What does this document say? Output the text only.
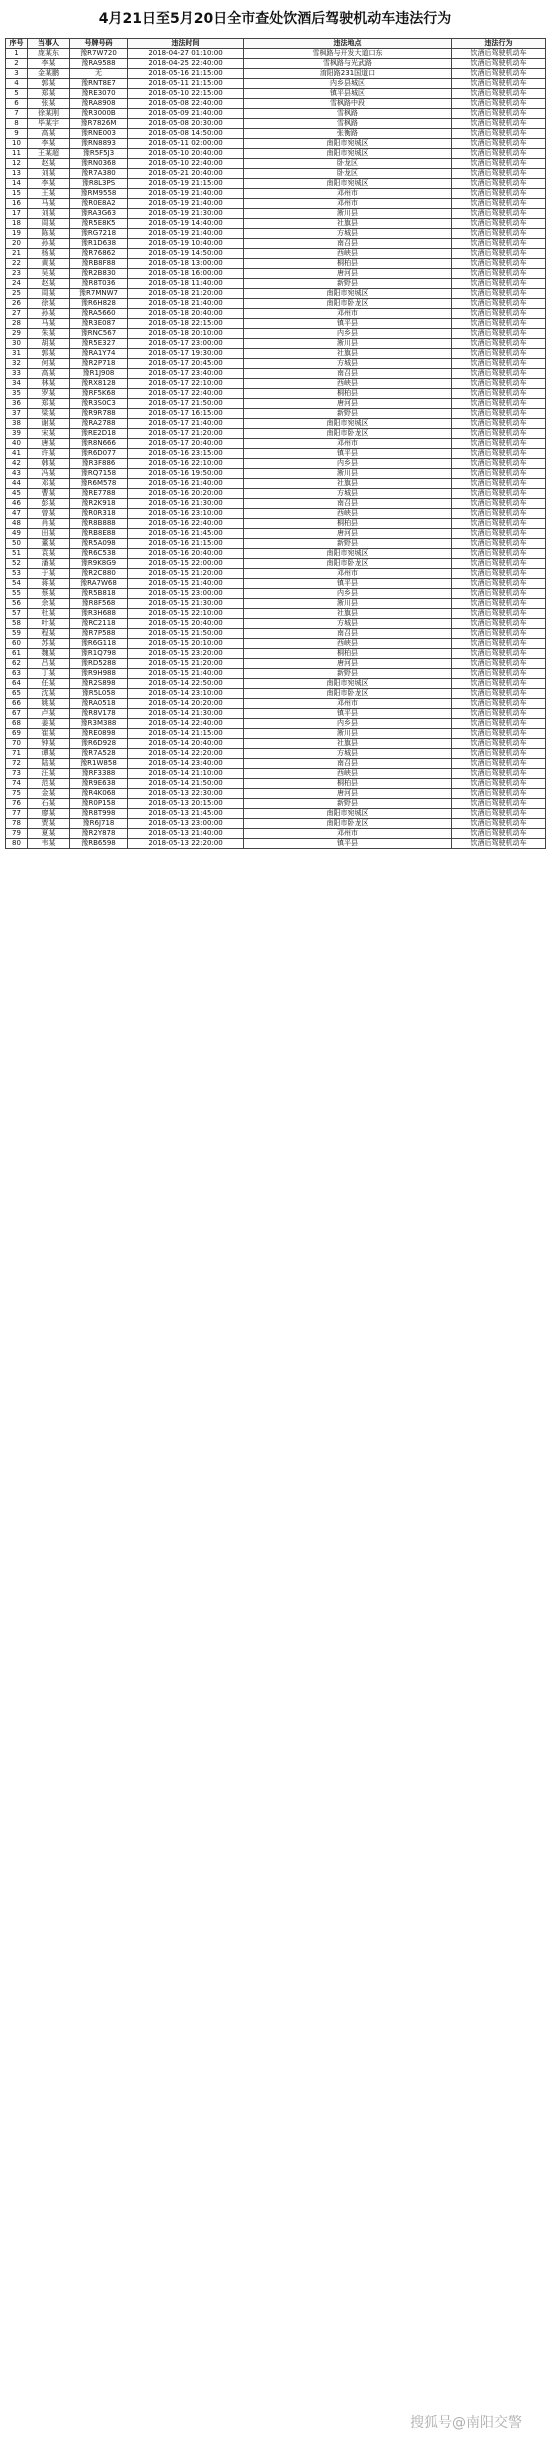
4月21日至5月20日全市查处饮酒后驾驶机动车违法行为
序号	当事人	号牌号码	违法时间	违法地点	违法行为
1	庞某东	豫R7W720	2018-04-27 01:10:00	雪枫路与开发大道口东	饮酒后驾驶机动车
2	李某	豫RA9588	2018-04-25 22:40:00	雪枫路与光武路	饮酒后驾驶机动车
3	金某鹏	无	2018-05-16 21:15:00	淯阳路231国道口	饮酒后驾驶机动车
4	郭某	豫RNT8E7	2018-05-11 21:15:00	内乡县城区	饮酒后驾驶机动车
5	郑某	豫RE3070	2018-05-10 22:15:00	镇平县城区	饮酒后驾驶机动车
6	张某	豫RA8908	2018-05-08 22:40:00	雪枫路中段	饮酒后驾驶机动车
7	徐某刚	豫R3000B	2018-05-09 21:40:00	雪枫路	饮酒后驾驶机动车
8	毕某宇	豫R7826M	2018-05-08 20:30:00	雪枫路	饮酒后驾驶机动车
9	高某	豫RNE003	2018-05-08 14:50:00	张衡路	饮酒后驾驶机动车
10	李某	豫RN8893	2018-05-11 02:00:00	南阳市宛城区	饮酒后驾驶机动车
11	王某超	豫R5F5J3	2018-05-10 20:40:00	南阳市宛城区	饮酒后驾驶机动车
12	赵某	豫RN0368	2018-05-10 22:40:00	卧龙区	饮酒后驾驶机动车
13	刘某	豫R7A380	2018-05-21 20:40:00	卧龙区	饮酒后驾驶机动车
14	李某	豫R8L3PS	2018-05-19 21:15:00	南阳市宛城区	饮酒后驾驶机动车
15	王某	豫RM9558	2018-05-19 21:40:00	邓州市	饮酒后驾驶机动车
16	马某	豫R0E8A2	2018-05-19 21:40:00	邓州市	饮酒后驾驶机动车
17	刘某	豫RA3G63	2018-05-19 21:30:00	淅川县	饮酒后驾驶机动车
18	周某	豫R5E8K5	2018-05-19 14:40:00	社旗县	饮酒后驾驶机动车
19	陈某	豫RG7218	2018-05-19 21:40:00	方城县	饮酒后驾驶机动车
20	孙某	豫R1D638	2018-05-19 10:40:00	南召县	饮酒后驾驶机动车
21	杨某	豫R76862	2018-05-19 14:50:00	西峡县	饮酒后驾驶机动车
22	黄某	豫RB8F88	2018-05-18 13:00:00	桐柏县	饮酒后驾驶机动车
23	吴某	豫R2B830	2018-05-18 16:00:00	唐河县	饮酒后驾驶机动车
24	赵某	豫R8T036	2018-05-18 11:40:00	新野县	饮酒后驾驶机动车
25	周某	豫R7MNW7	2018-05-18 21:20:00	南阳市宛城区	饮酒后驾驶机动车
26	徐某	豫R6H828	2018-05-18 21:40:00	南阳市卧龙区	饮酒后驾驶机动车
27	孙某	豫RA5660	2018-05-18 20:40:00	邓州市	饮酒后驾驶机动车
28	马某	豫R3E087	2018-05-18 22:15:00	镇平县	饮酒后驾驶机动车
29	朱某	豫RNC567	2018-05-18 20:10:00	内乡县	饮酒后驾驶机动车
30	胡某	豫R5E327	2018-05-17 23:00:00	淅川县	饮酒后驾驶机动车
31	郭某	豫RA1Y74	2018-05-17 19:30:00	社旗县	饮酒后驾驶机动车
32	何某	豫R2P718	2018-05-17 20:45:00	方城县	饮酒后驾驶机动车
33	高某	豫R1J908	2018-05-17 23:40:00	南召县	饮酒后驾驶机动车
34	林某	豫RX8128	2018-05-17 22:10:00	西峡县	饮酒后驾驶机动车
35	罗某	豫RF5K68	2018-05-17 22:40:00	桐柏县	饮酒后驾驶机动车
36	郑某	豫R3S0C3	2018-05-17 21:50:00	唐河县	饮酒后驾驶机动车
37	梁某	豫R9R788	2018-05-17 16:15:00	新野县	饮酒后驾驶机动车
38	谢某	豫RA2788	2018-05-17 21:40:00	南阳市宛城区	饮酒后驾驶机动车
39	宋某	豫RE2D18	2018-05-17 21:20:00	南阳市卧龙区	饮酒后驾驶机动车
40	唐某	豫R8N666	2018-05-17 20:40:00	邓州市	饮酒后驾驶机动车
41	许某	豫R6D077	2018-05-16 23:15:00	镇平县	饮酒后驾驶机动车
42	韩某	豫R3F886	2018-05-16 22:10:00	内乡县	饮酒后驾驶机动车
43	冯某	豫RQ7158	2018-05-16 19:50:00	淅川县	饮酒后驾驶机动车
44	邓某	豫R6M578	2018-05-16 21:40:00	社旗县	饮酒后驾驶机动车
45	曹某	豫RE7788	2018-05-16 20:20:00	方城县	饮酒后驾驶机动车
46	彭某	豫R2K918	2018-05-16 21:30:00	南召县	饮酒后驾驶机动车
47	曾某	豫R0R318	2018-05-16 23:10:00	西峡县	饮酒后驾驶机动车
48	肖某	豫R8B888	2018-05-16 22:40:00	桐柏县	饮酒后驾驶机动车
49	田某	豫RB8E88	2018-05-16 21:45:00	唐河县	饮酒后驾驶机动车
50	董某	豫R5A098	2018-05-16 21:15:00	新野县	饮酒后驾驶机动车
51	袁某	豫R6C538	2018-05-16 20:40:00	南阳市宛城区	饮酒后驾驶机动车
52	潘某	豫R9K8G9	2018-05-15 22:00:00	南阳市卧龙区	饮酒后驾驶机动车
53	于某	豫R2C880	2018-05-15 21:20:00	邓州市	饮酒后驾驶机动车
54	蒋某	豫RA7W68	2018-05-15 21:40:00	镇平县	饮酒后驾驶机动车
55	蔡某	豫R5B818	2018-05-15 23:00:00	内乡县	饮酒后驾驶机动车
56	余某	豫R8F568	2018-05-15 21:30:00	淅川县	饮酒后驾驶机动车
57	杜某	豫R3H688	2018-05-15 22:10:00	社旗县	饮酒后驾驶机动车
58	叶某	豫RC2118	2018-05-15 20:40:00	方城县	饮酒后驾驶机动车
59	程某	豫R7P588	2018-05-15 21:50:00	南召县	饮酒后驾驶机动车
60	苏某	豫R6G118	2018-05-15 20:10:00	西峡县	饮酒后驾驶机动车
61	魏某	豫R1Q798	2018-05-15 23:20:00	桐柏县	饮酒后驾驶机动车
62	吕某	豫RD5288	2018-05-15 21:20:00	唐河县	饮酒后驾驶机动车
63	丁某	豫R9H988	2018-05-15 21:40:00	新野县	饮酒后驾驶机动车
64	任某	豫R2S898	2018-05-14 22:50:00	南阳市宛城区	饮酒后驾驶机动车
65	沈某	豫R5L058	2018-05-14 23:10:00	南阳市卧龙区	饮酒后驾驶机动车
66	姚某	豫RA0518	2018-05-14 20:20:00	邓州市	饮酒后驾驶机动车
67	卢某	豫R8V178	2018-05-14 21:30:00	镇平县	饮酒后驾驶机动车
68	姜某	豫R3M388	2018-05-14 22:40:00	内乡县	饮酒后驾驶机动车
69	崔某	豫RE0898	2018-05-14 21:15:00	淅川县	饮酒后驾驶机动车
70	钟某	豫R6D928	2018-05-14 20:40:00	社旗县	饮酒后驾驶机动车
71	谭某	豫R7A528	2018-05-14 22:20:00	方城县	饮酒后驾驶机动车
72	陆某	豫R1W858	2018-05-14 23:40:00	南召县	饮酒后驾驶机动车
73	汪某	豫RF3388	2018-05-14 21:10:00	西峡县	饮酒后驾驶机动车
74	范某	豫R9E638	2018-05-14 21:50:00	桐柏县	饮酒后驾驶机动车
75	金某	豫R4K068	2018-05-13 22:30:00	唐河县	饮酒后驾驶机动车
76	石某	豫R0P158	2018-05-13 20:15:00	新野县	饮酒后驾驶机动车
77	廖某	豫R8T998	2018-05-13 21:45:00	南阳市宛城区	饮酒后驾驶机动车
78	贾某	豫R6J718	2018-05-13 23:00:00	南阳市卧龙区	饮酒后驾驶机动车
79	夏某	豫R2Y878	2018-05-13 21:40:00	邓州市	饮酒后驾驶机动车
80	韦某	豫RB6598	2018-05-13 22:20:00	镇平县	饮酒后驾驶机动车
搜狐号@南阳交警
